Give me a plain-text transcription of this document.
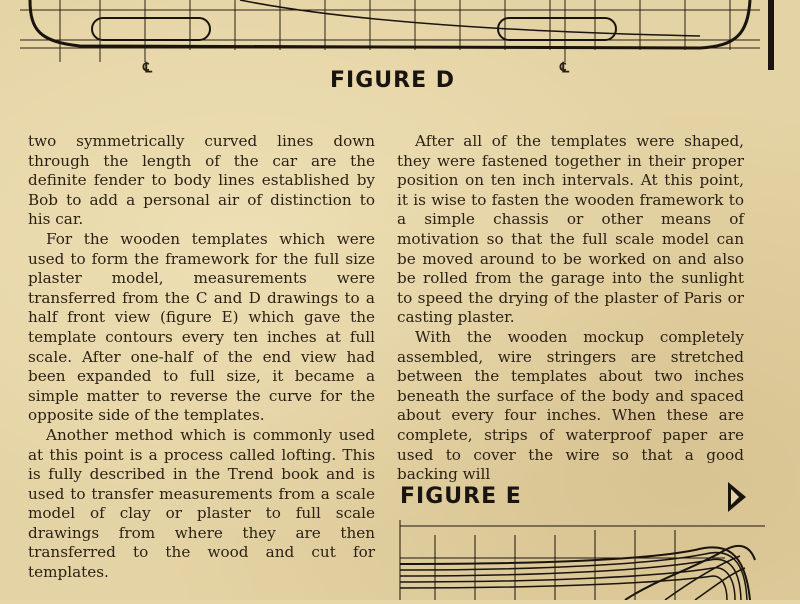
℄	℄
FIGURE D

two symmetrically curved lines down through the length of the car are the definite fender to body lines established by Bob to add a personal air of distinction to his car.

For the wooden templates which were used to form the framework for the full size plaster model, measurements were transferred from the C and D drawings to a half front view (figure E) which gave the template contours every ten inches at full scale. After one-half of the end view had been expanded to full size, it became a simple matter to reverse the curve for the opposite side of the templates.

Another method which is commonly used at this point is a process called lofting. This is fully described in the Trend book and is used to transfer measurements from a scale model of clay or plaster to full scale drawings from where they are then transferred to the wood and cut for templates.

After all of the templates were shaped, they were fastened together in their proper position on ten inch intervals. At this point, it is wise to fasten the wooden framework to a simple chassis or other means of motivation so that the full scale model can be moved around to be worked on and also be rolled from the garage into the sunlight to speed the drying of the plaster of Paris or casting plaster.

With the wooden mockup completely assembled, wire stringers are stretched between the templates about two inches beneath the surface of the body and spaced about every four inches. When these are complete, strips of waterproof paper are used to cover the wire so that a good backing will

FIGURE E
